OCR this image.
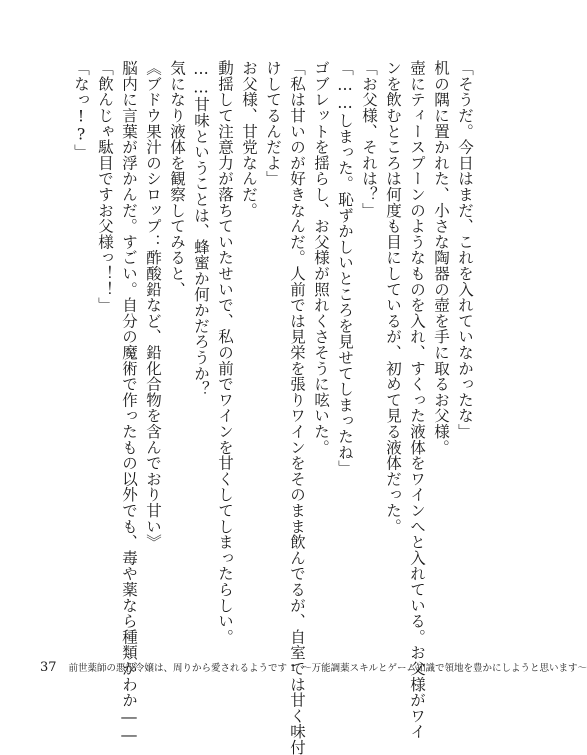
「そうだ。今日はまだ、これを入れていなかったな」
机の隅に置かれた、小さな陶器の壺を手に取るお父様。
壺にティースプーンのようなものを入れ、すくった液体をワインへと入れている。お父様がワイ
ンを飲むところは何度も目にしているが、初めて見る液体だった。
「お父様、それは？」
「……しまった。恥ずかしいところを見せてしまったね」
ゴブレットを揺らし、お父様が照れくさそうに呟いた。
「私は甘いのが好きなんだ。人前では見栄を張りワインをそのまま飲んでるが、自室では甘く味付
けしてるんだよ」
お父様、甘党なんだ。
動揺して注意力が落ちていたせいで、私の前でワインを甘くしてしまったらしい。
……甘味ということは、蜂蜜か何かだろうか？
気になり液体を観察してみると、
《ブドウ果汁のシロップ：酢酸鉛など、鉛化合物を含んでおり甘い》
脳内に言葉が浮かんだ。すごい。自分の魔術で作ったもの以外でも、毒や薬なら種類がわか――
「飲んじゃ駄目ですお父様っ！！」
「なっ!?」
37 前世薬師の悪役令嬢は、周りから愛されるようです 1 〜万能調薬スキルとゲーム知識で領地を豊かにしようと思います〜
